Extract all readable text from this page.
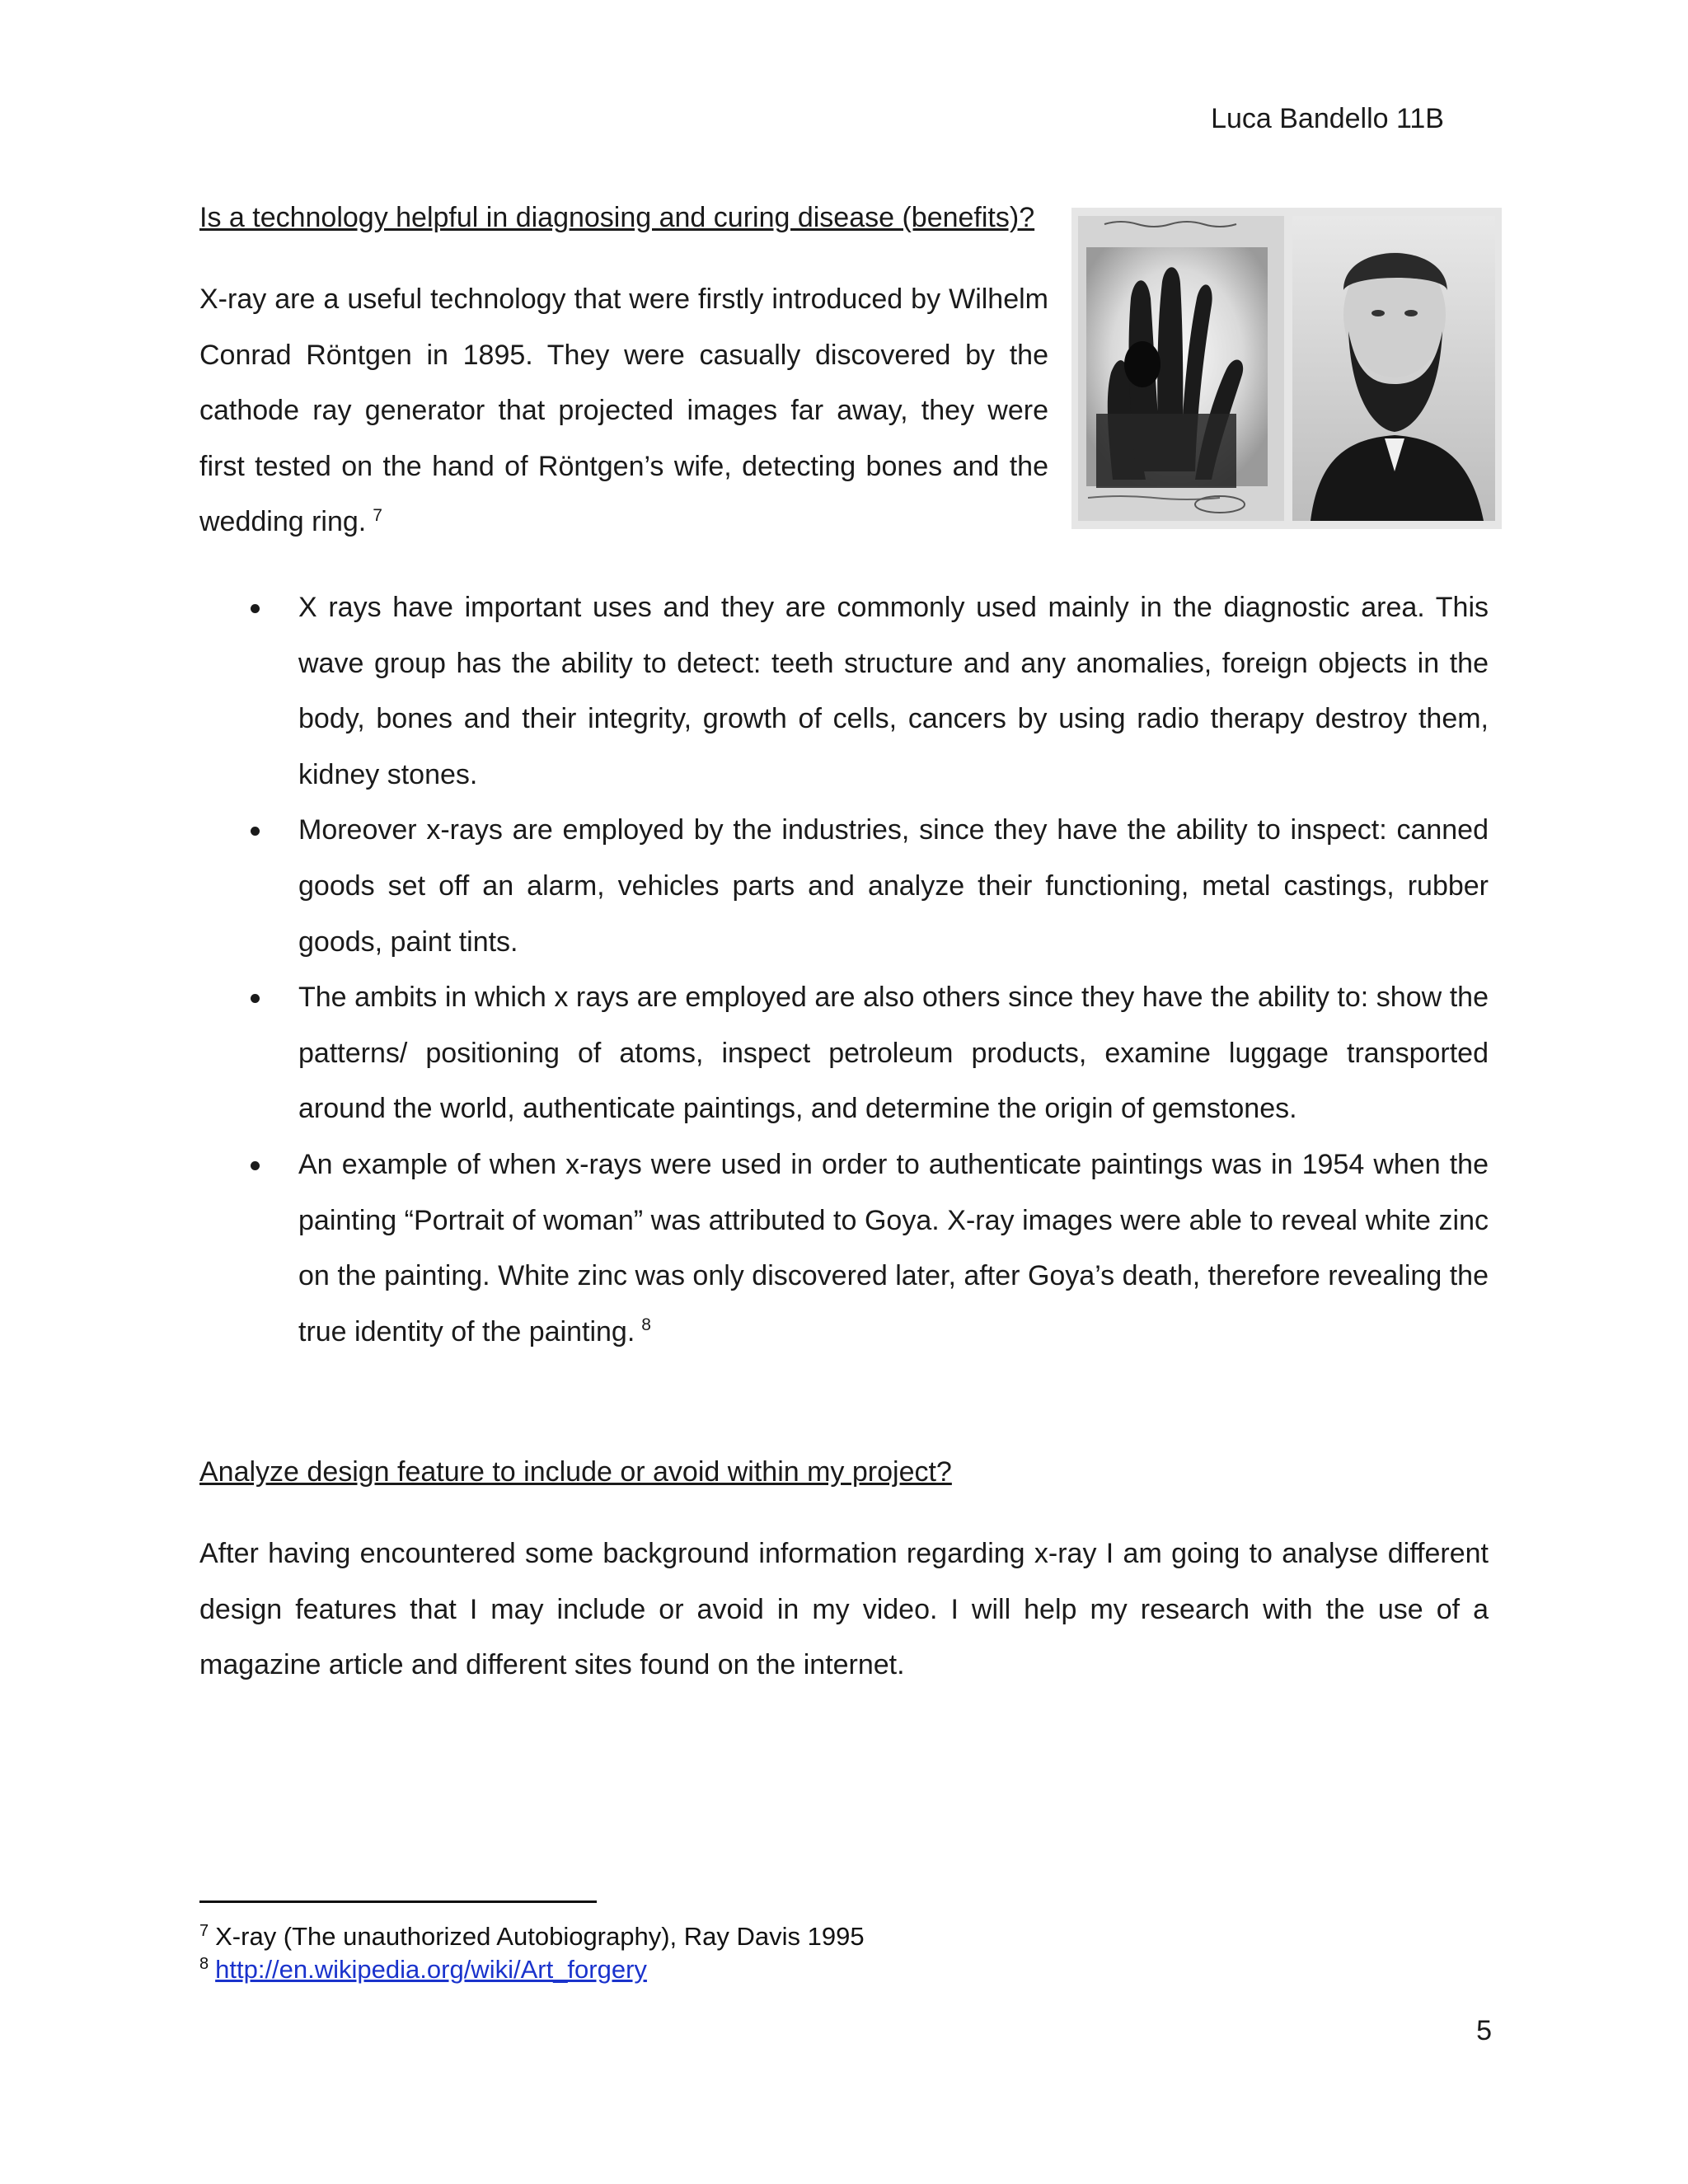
Luca Bandello 11B
Is a technology helpful in diagnosing and curing disease (benefits)?
X-ray are a useful technology that were firstly introduced by Wilhelm Conrad Röntgen in 1895. They were casually discovered by the cathode ray generator that projected images far away, they were first tested on the hand of Röntgen’s wife, detecting bones and the wedding ring. $^7$
X rays have important uses and they are commonly used mainly in the diagnostic area. This wave group has the ability to detect: teeth structure and any anomalies, foreign objects in the body, bones and their integrity, growth of cells, cancers by using radio therapy destroy them, kidney stones.
Moreover x-rays are employed by the industries, since they have the ability to inspect: canned goods set off an alarm, vehicles parts and analyze their functioning, metal castings, rubber goods, paint tints.
The ambits in which x rays are employed are also others since they have the ability to: show the patterns/ positioning of atoms, inspect petroleum products, examine luggage transported around the world, authenticate paintings, and determine the origin of gemstones.
An example of when x-rays were used in order to authenticate paintings was in 1954 when the painting “Portrait of woman” was attributed to Goya. X-ray images were able to reveal white zinc on the painting. White zinc was only discovered later, after Goya’s death, therefore revealing the true identity of the painting. $^8$
Analyze design feature to include or avoid within my project?
After having encountered some background information regarding x-ray I am going to analyse different design features that I may include or avoid in my video. I will help my research with the use of a magazine article and different sites found on the internet.
$^7$ X-ray (The unauthorized Autobiography), Ray Davis 1995
$^8$ http://en.wikipedia.org/wiki/Art_forgery
5
